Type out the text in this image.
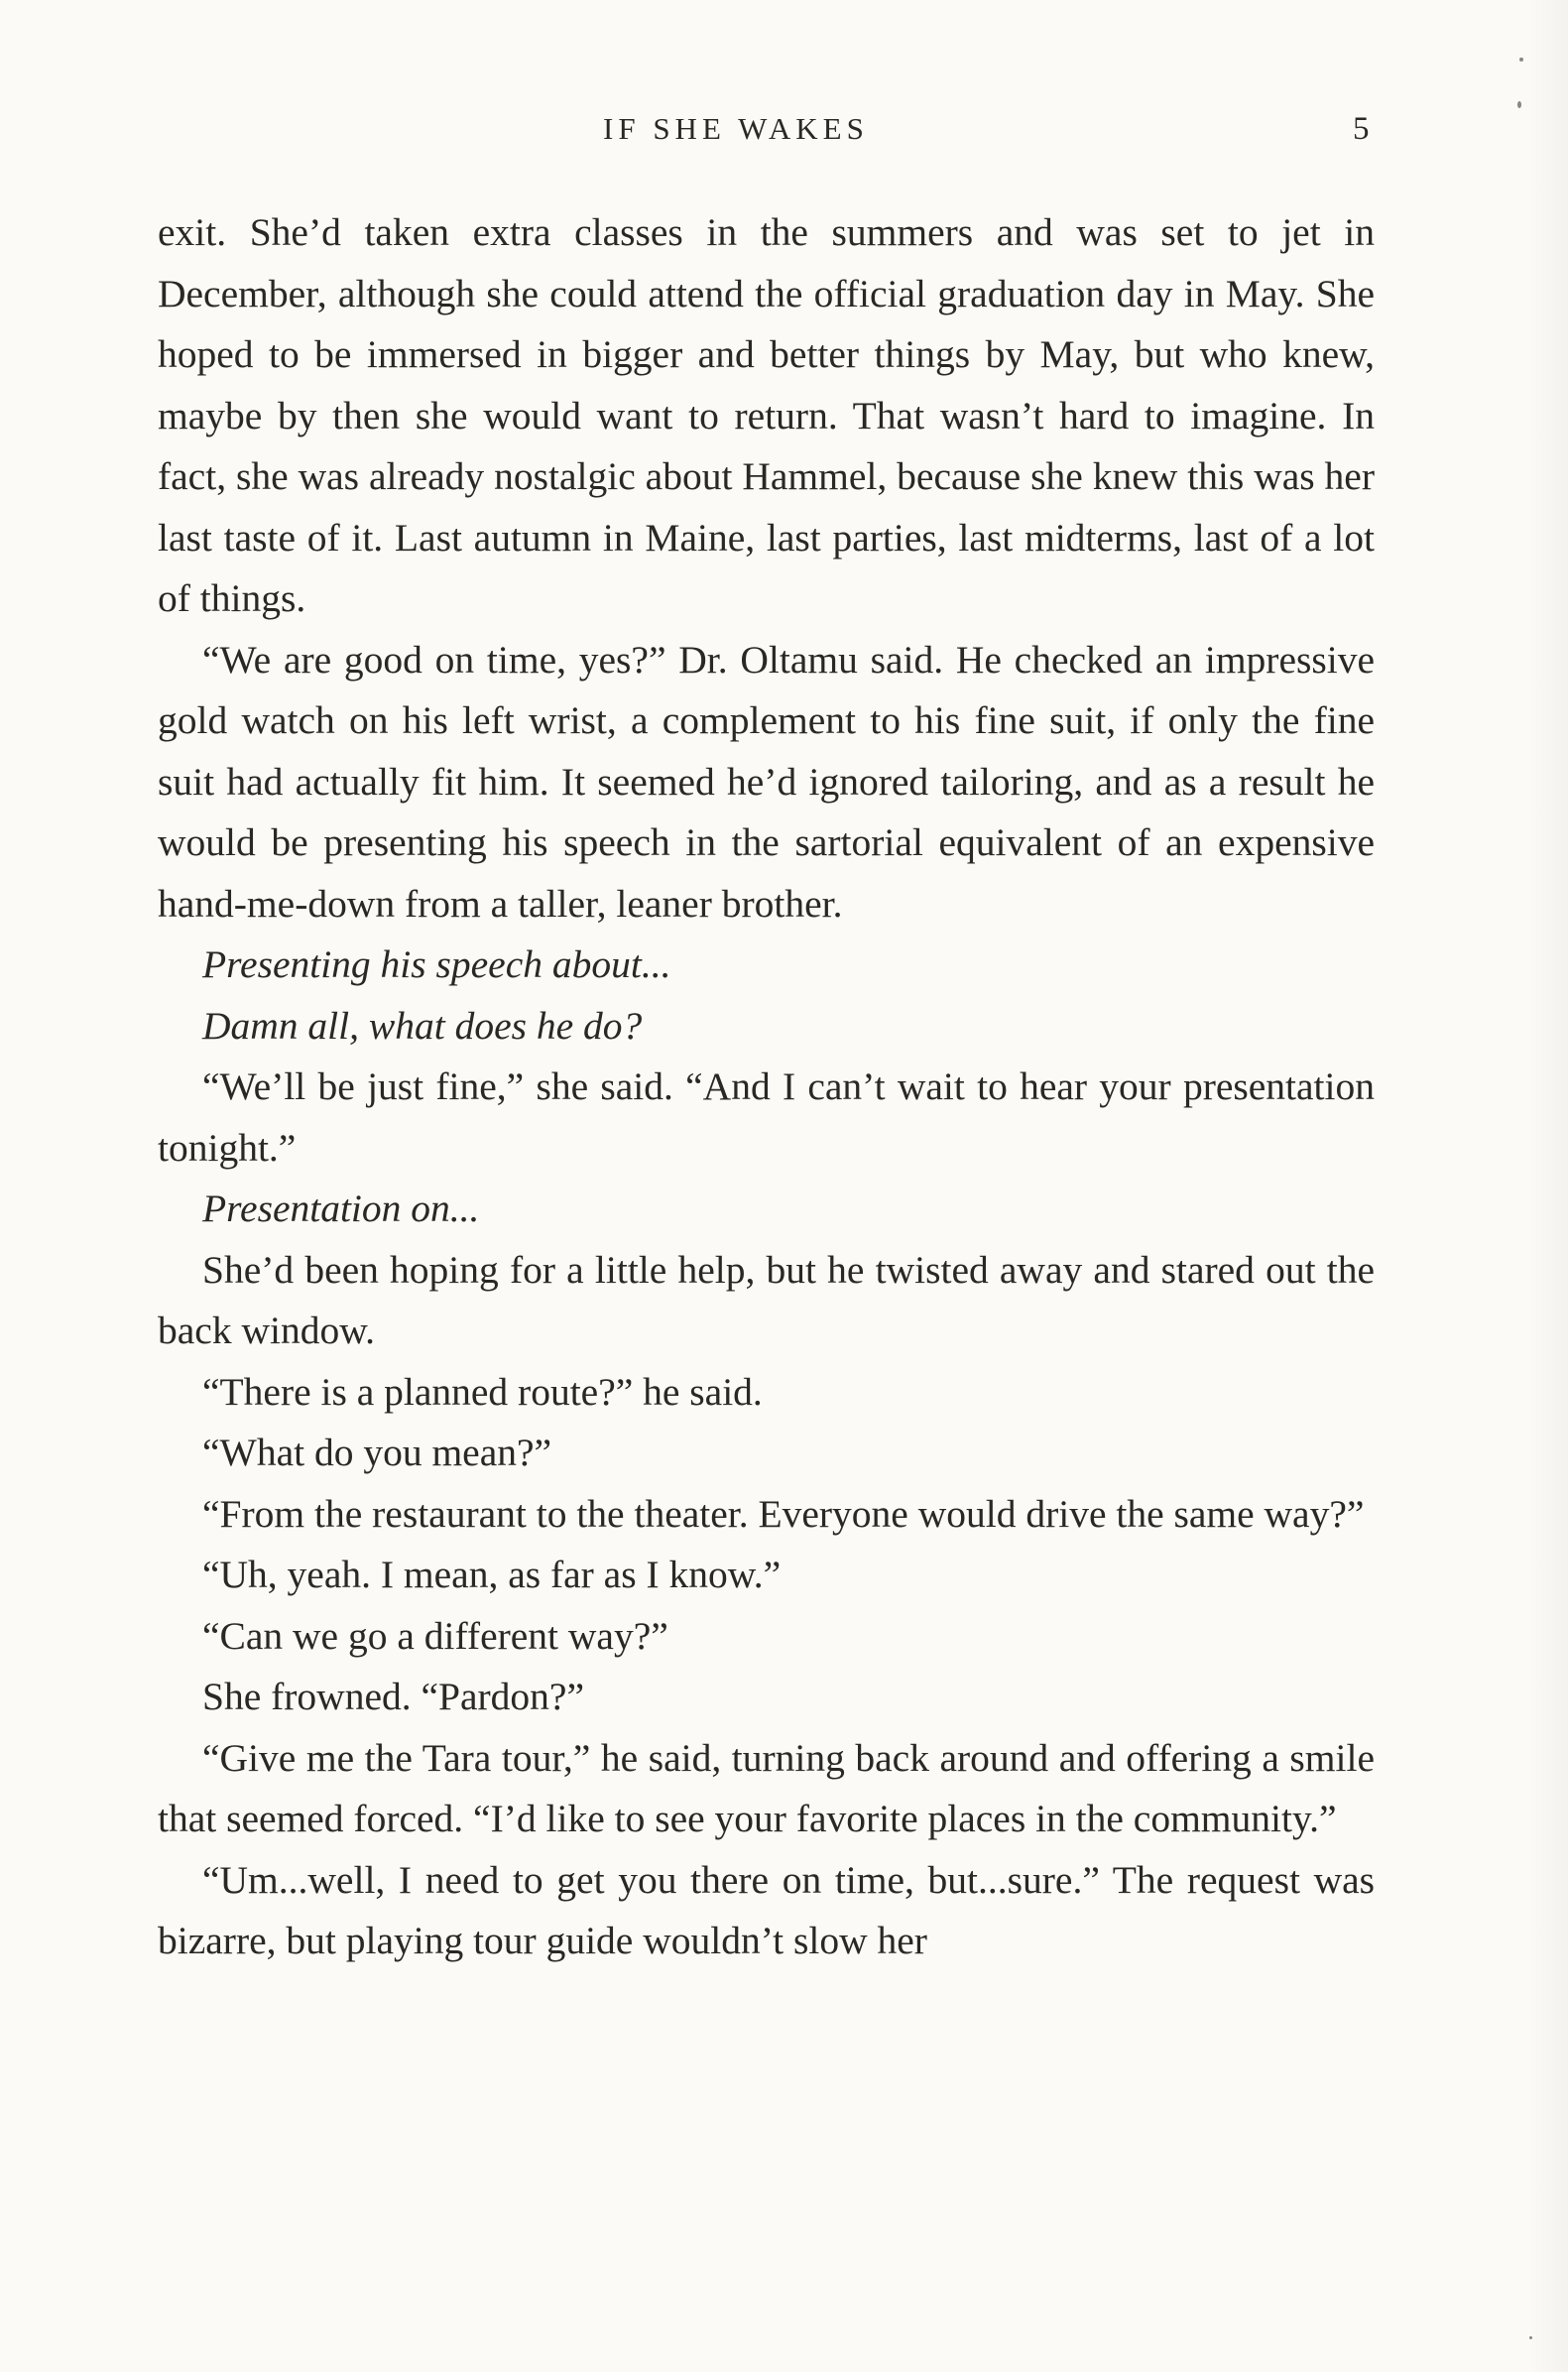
IF SHE WAKES	5

exit. She’d taken extra classes in the summers and was set to jet in December, although she could attend the official graduation day in May. She hoped to be immersed in bigger and better things by May, but who knew, maybe by then she would want to return. That wasn’t hard to imagine. In fact, she was already nostalgic about Hammel, because she knew this was her last taste of it. Last autumn in Maine, last parties, last midterms, last of a lot of things.

“We are good on time, yes?” Dr. Oltamu said. He checked an impressive gold watch on his left wrist, a complement to his fine suit, if only the fine suit had actually fit him. It seemed he’d ignored tailoring, and as a result he would be presenting his speech in the sartorial equivalent of an expensive hand-me-down from a taller, leaner brother.

Presenting his speech about...

Damn all, what does he do?

“We’ll be just fine,” she said. “And I can’t wait to hear your presentation tonight.”

Presentation on...

She’d been hoping for a little help, but he twisted away and stared out the back window.

“There is a planned route?” he said.

“What do you mean?”

“From the restaurant to the theater. Everyone would drive the same way?”

“Uh, yeah. I mean, as far as I know.”

“Can we go a different way?”

She frowned. “Pardon?”

“Give me the Tara tour,” he said, turning back around and offering a smile that seemed forced. “I’d like to see your favorite places in the community.”

“Um...well, I need to get you there on time, but...sure.” The request was bizarre, but playing tour guide wouldn’t slow her
